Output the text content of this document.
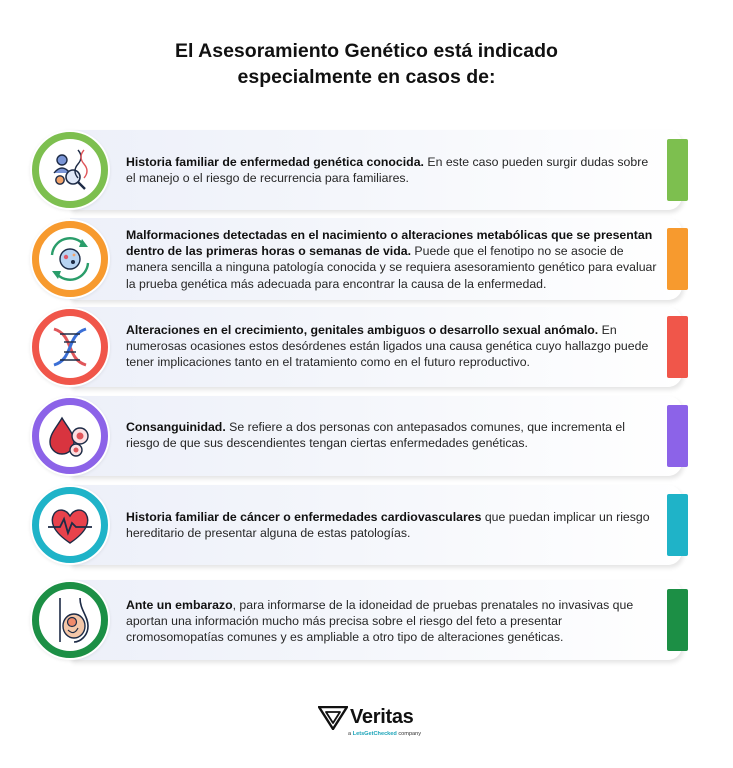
El Asesoramiento Genético está indicado
especialmente en casos de:
Historia familiar de enfermedad genética conocida. En este caso pueden surgir dudas sobre el manejo o el riesgo de recurrencia para familiares.
Malformaciones detectadas en el nacimiento o alteraciones metabólicas que se presentan dentro de las primeras horas o semanas de vida. Puede que el fenotipo no se asocie de manera sencilla a ninguna patología conocida y se requiera asesoramiento genético para evaluar la prueba genética más adecuada para encontrar la causa de la enfermedad.
Alteraciones en el crecimiento, genitales ambiguos o desarrollo sexual anómalo. En numerosas ocasiones estos desórdenes están ligados una causa genética cuyo hallazgo puede tener implicaciones tanto en el tratamiento como en el futuro reproductivo.
Consanguinidad. Se refiere a dos personas con antepasados comunes, que incrementa el riesgo de que sus descendientes tengan ciertas enfermedades genéticas.
Historia familiar de cáncer o enfermedades cardiovasculares que puedan implicar un riesgo hereditario de presentar alguna de estas patologías.
Ante un embarazo, para informarse de la idoneidad de pruebas prenatales no invasivas que aportan una información mucho más precisa sobre el riesgo del feto a presentar cromosomopatías comunes y es ampliable a otro tipo de alteraciones genéticas.
Veritas
a LetsGetChecked company
